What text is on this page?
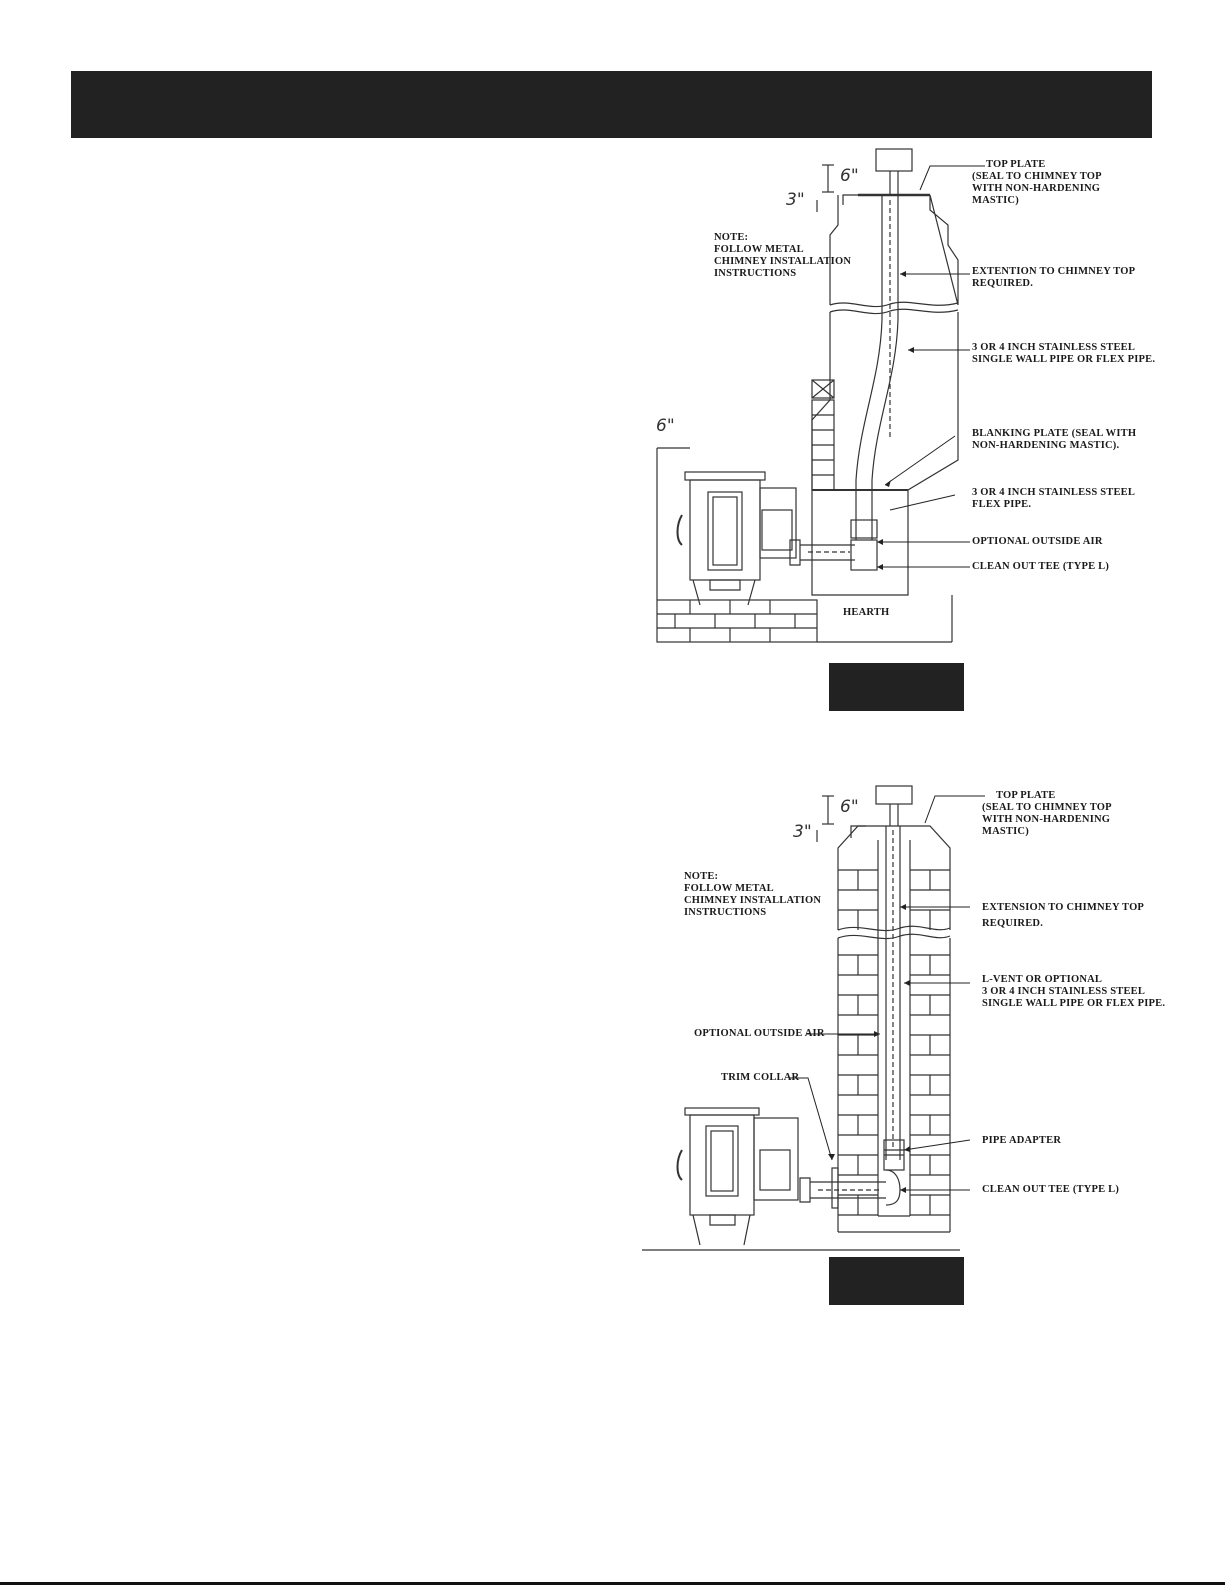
6"
3"
6"
NOTE:
FOLLOW METAL
CHIMNEY INSTALLATION
INSTRUCTIONS
TOP PLATE
(SEAL TO CHIMNEY TOP
WITH NON-HARDENING
MASTIC)
EXTENTION TO CHIMNEY TOP
REQUIRED.
3 OR 4 INCH STAINLESS STEEL
SINGLE WALL PIPE OR FLEX PIPE.
BLANKING PLATE (SEAL WITH
NON-HARDENING MASTIC).
3 OR 4 INCH STAINLESS STEEL
FLEX PIPE.
OPTIONAL OUTSIDE AIR
CLEAN OUT TEE (TYPE L)
HEARTH
6"
3"
NOTE:
FOLLOW METAL
CHIMNEY INSTALLATION
INSTRUCTIONS
TOP PLATE
(SEAL TO CHIMNEY TOP
WITH NON-HARDENING
MASTIC)
EXTENSION TO CHIMNEY TOP
REQUIRED.
L-VENT OR OPTIONAL
3 OR 4 INCH STAINLESS STEEL
SINGLE WALL PIPE OR FLEX PIPE.
OPTIONAL OUTSIDE AIR
TRIM COLLAR
PIPE ADAPTER
CLEAN OUT TEE (TYPE L)
